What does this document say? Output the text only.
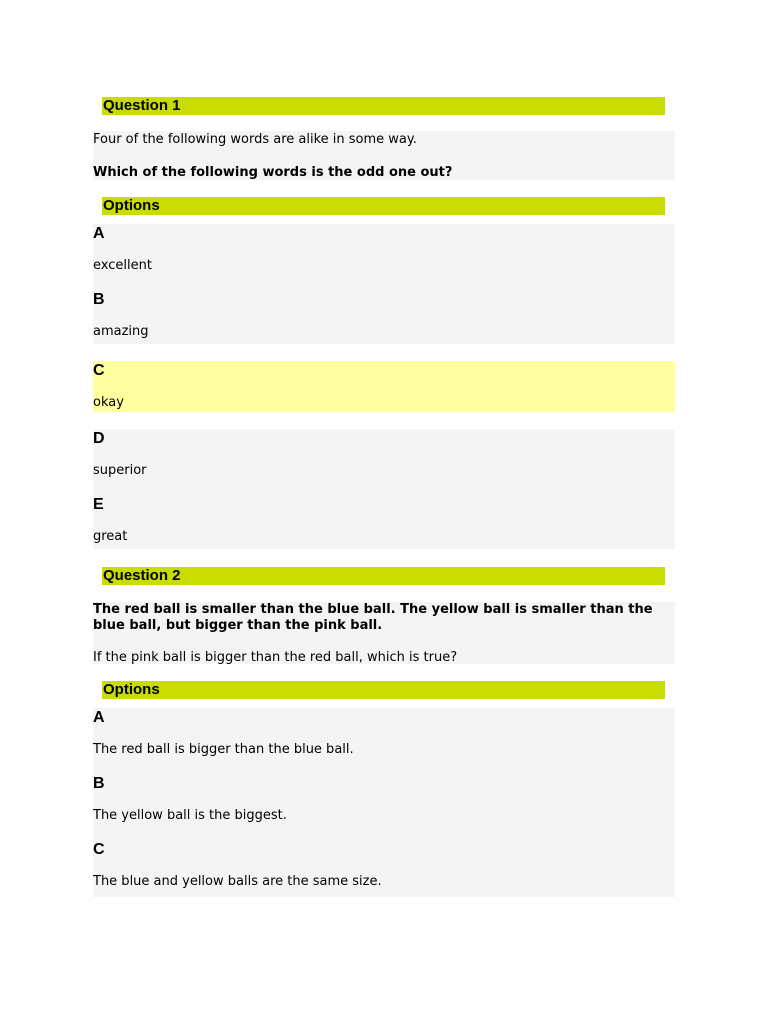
Question 1
Four of the following words are alike in some way.
Which of the following words is the odd one out?
Options
A
excellent
B
amazing
C
okay
D
superior
E
great
Question 2
The red ball is smaller than the blue ball. The yellow ball is smaller than the blue ball, but bigger than the pink ball.
If the pink ball is bigger than the red ball, which is true?
Options
A
The red ball is bigger than the blue ball.
B
The yellow ball is the biggest.
C
The blue and yellow balls are the same size.
